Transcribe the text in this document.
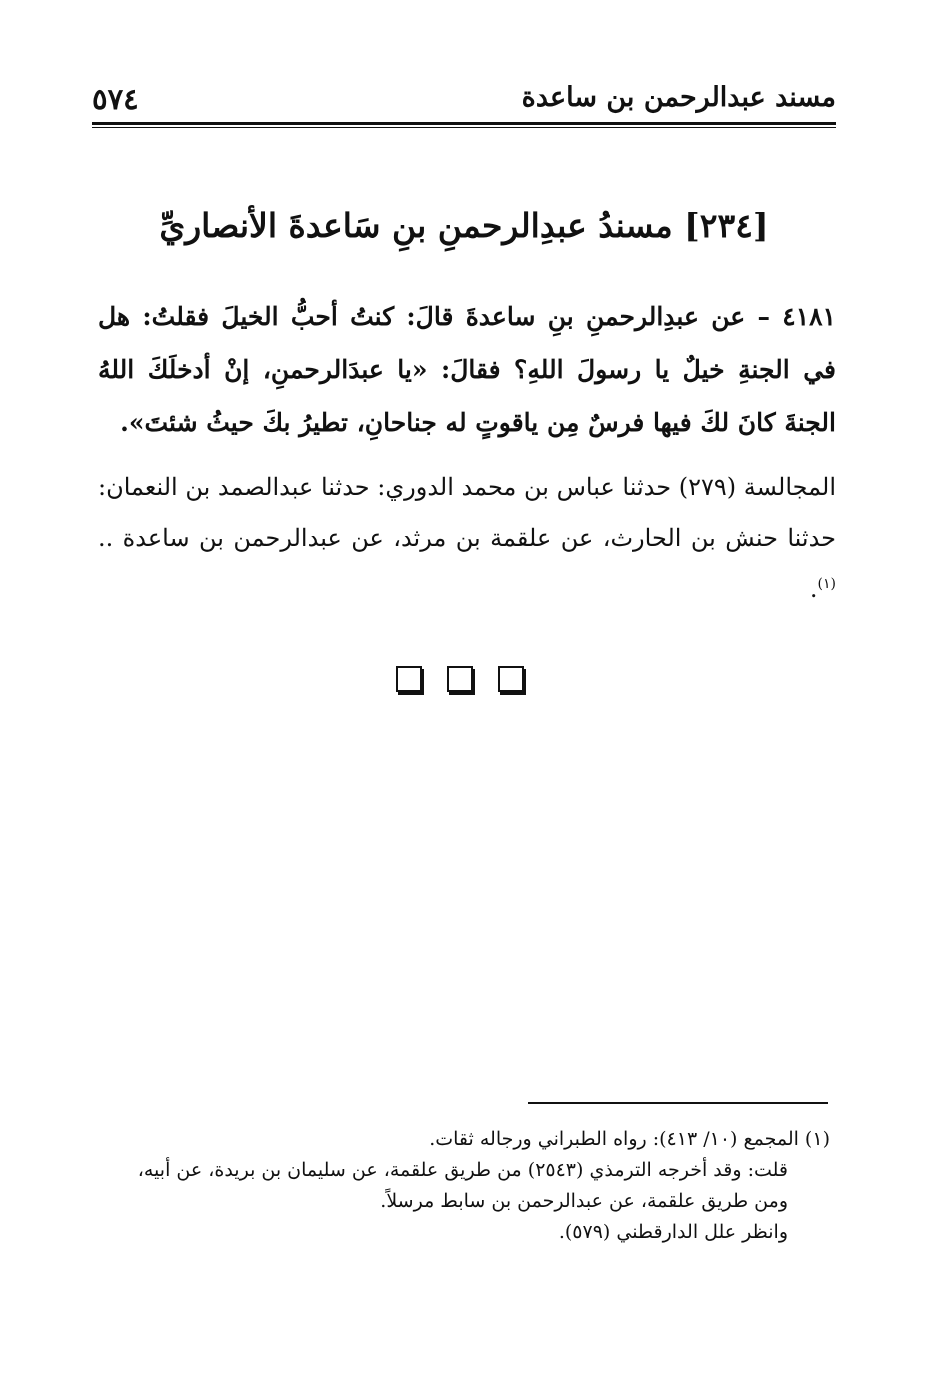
مسند عبدالرحمن بن ساعدة
٥٧٤
[٢٣٤] مسندُ عبدِالرحمنِ بنِ سَاعدةَ الأنصاريِّ
٤١٨١ – عن عبدِالرحمنِ بنِ ساعدةَ قالَ: كنتُ أحبُّ الخيلَ فقلتُ: هل في الجنةِ خيلٌ يا رسولَ اللهِ؟ فقالَ: «يا عبدَالرحمنِ، إنْ أدخلَكَ اللهُ الجنةَ كانَ لكَ فيها فرسٌ مِن ياقوتٍ له جناحانِ، تطيرُ بكَ حيثُ شئتَ».
المجالسة (٢٧٩) حدثنا عباس بن محمد الدوري: حدثنا عبدالصمد بن النعمان: حدثنا حنش بن الحارث، عن علقمة بن مرثد، عن عبدالرحمن بن ساعدة .. $^{(١)}$.
(١) المجمع (١٠/ ٤١٣): رواه الطبراني ورجاله ثقات.
قلت: وقد أخرجه الترمذي (٢٥٤٣) من طريق علقمة، عن سليمان بن بريدة، عن أبيه،
ومن طريق علقمة، عن عبدالرحمن بن سابط مرسلاً.
وانظر علل الدارقطني (٥٧٩).
